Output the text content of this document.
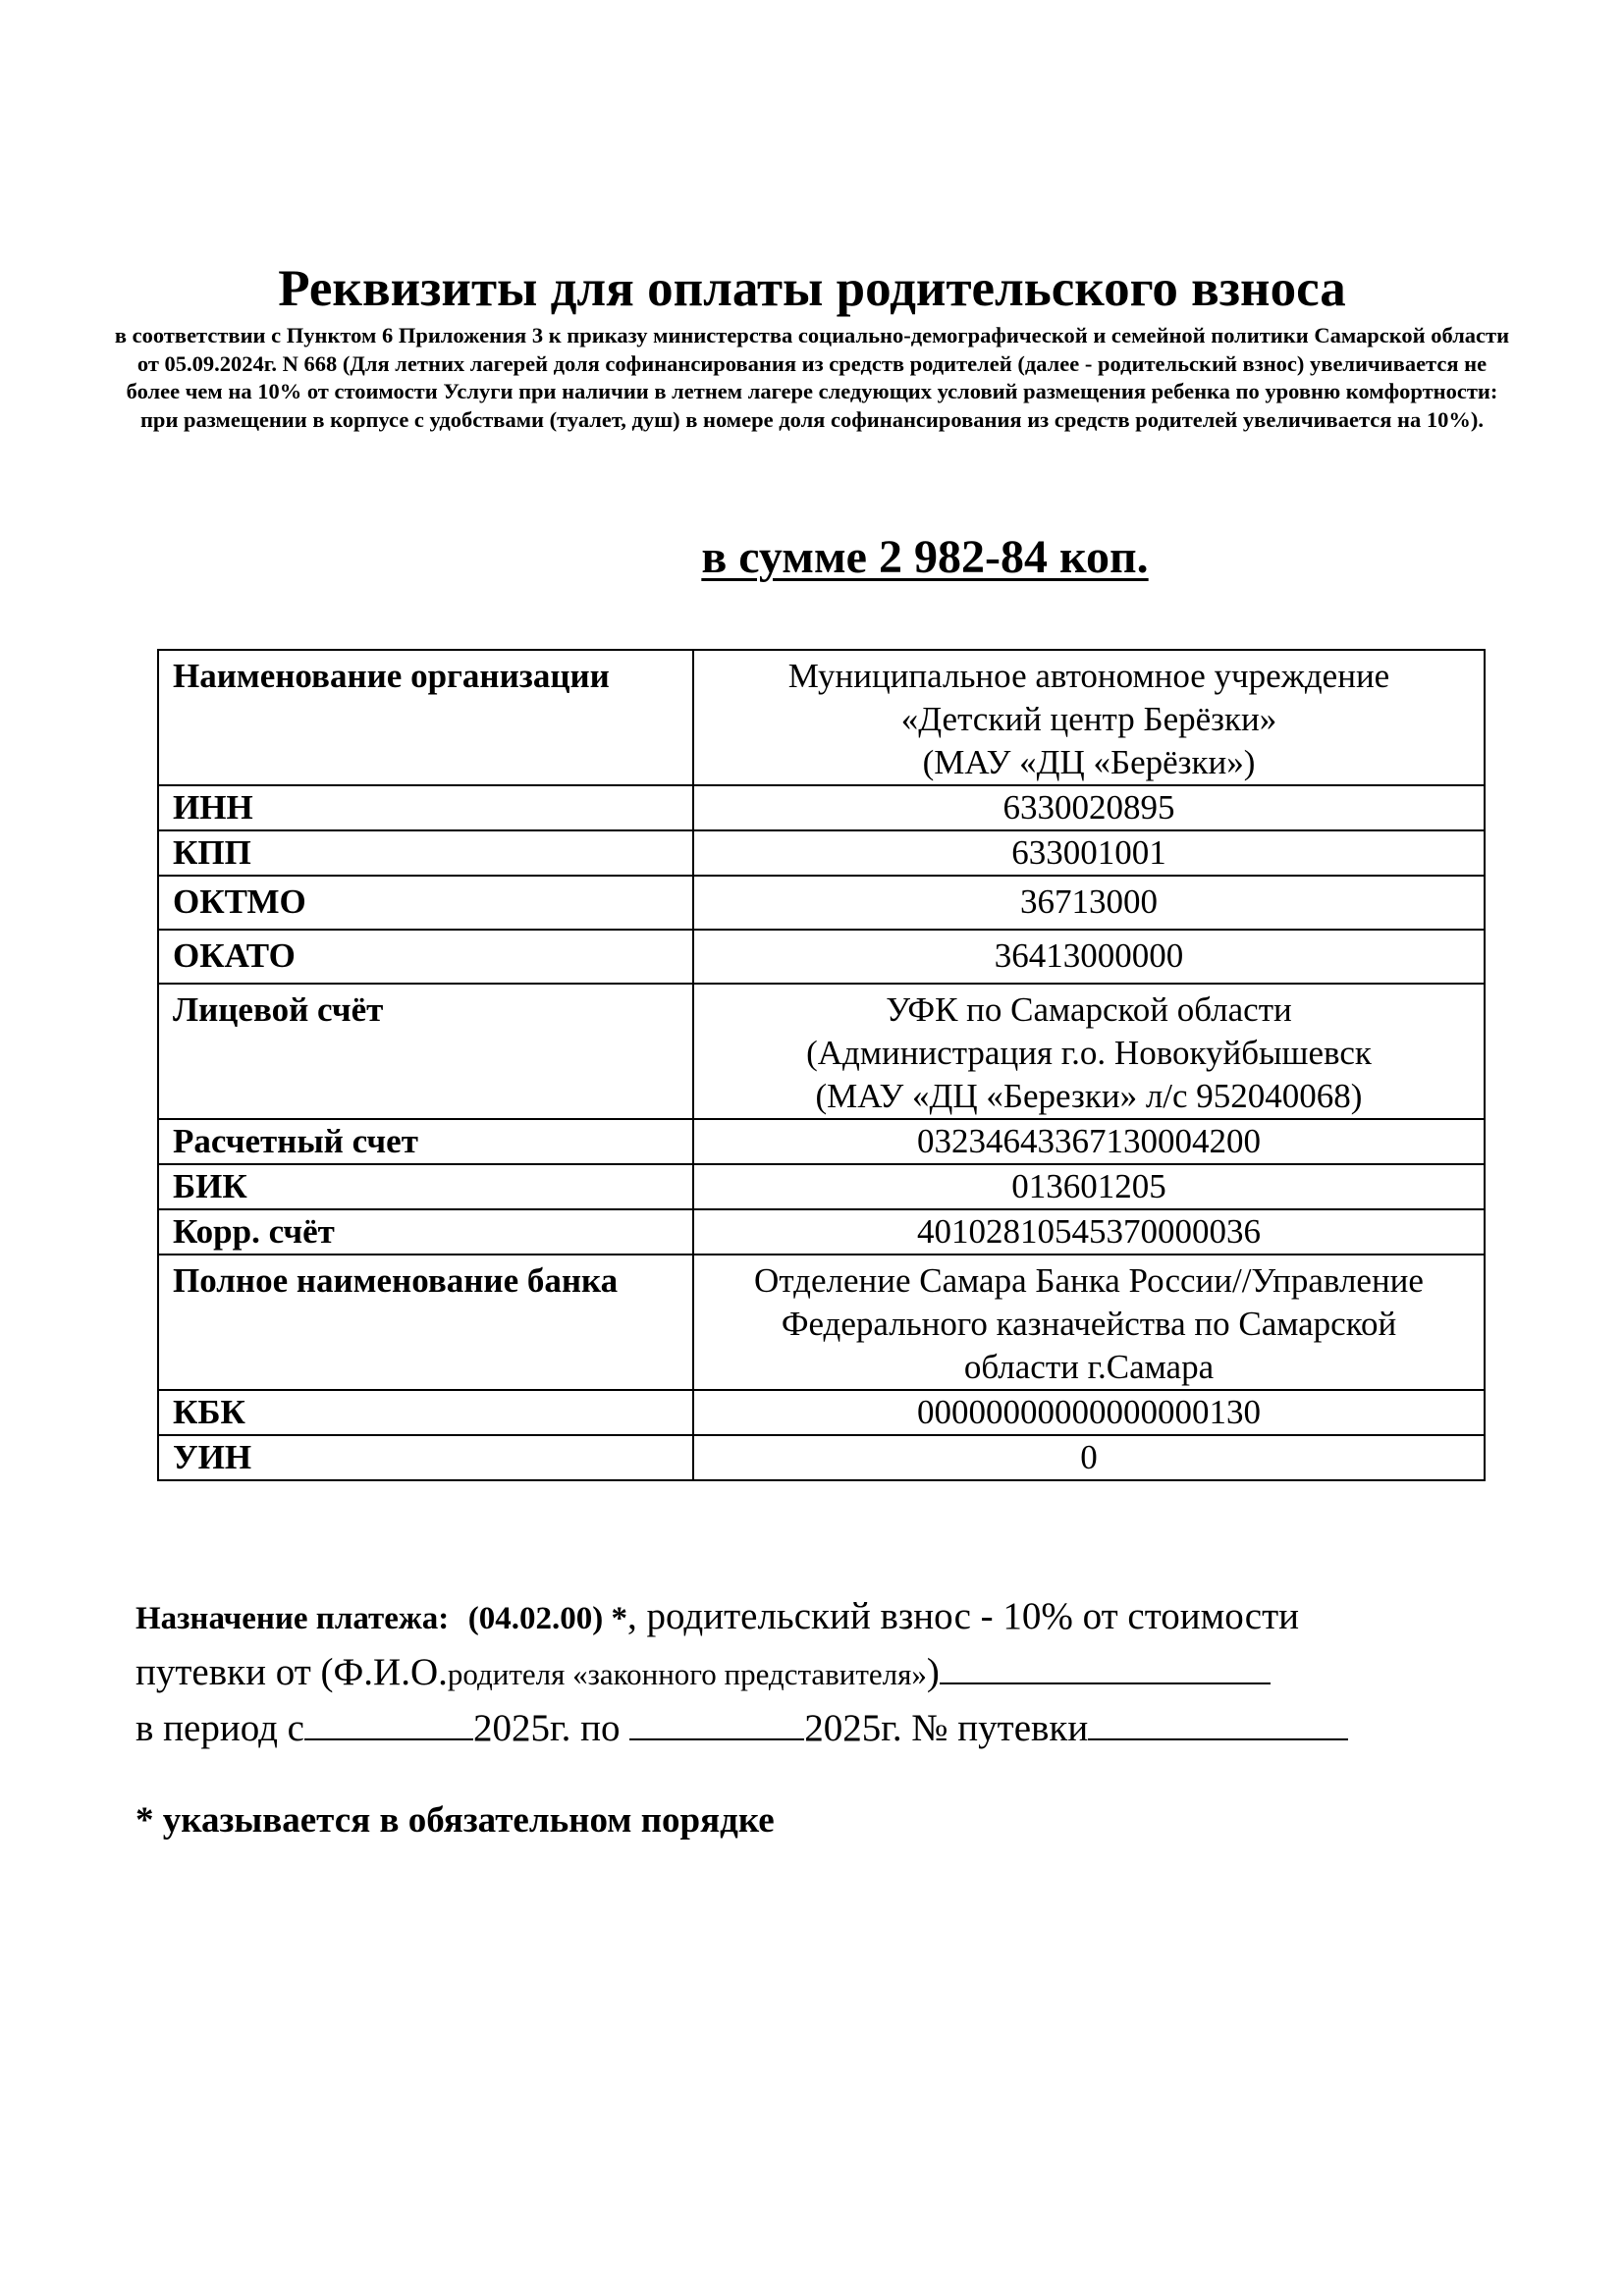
Реквизиты для оплаты родительского взноса

в соответствии с Пунктом 6 Приложения 3 к приказу министерства социально-демографической и семейной политики Самарской области от 05.09.2024г. N 668 (Для летних лагерей доля софинансирования из средств родителей (далее - родительский взнос) увеличивается не более чем на 10% от стоимости Услуги при наличии в летнем лагере следующих условий размещения ребенка по уровню комфортности: при размещении в корпусе с удобствами (туалет, душ) в номере доля софинансирования из средств родителей увеличивается на 10%).

в сумме 2 982-84 коп.

Наименование организации	Муниципальное автономное учреждение
«Детский центр Берёзки»
(МАУ «ДЦ «Берёзки»)

ИНН	6330020895
КПП	633001001
ОКТМО	36713000
ОКАТО	36413000000
Лицевой счёт	УФК по Самарской области
(Администрация г.о. Новокуйбышевск
(МАУ «ДЦ «Березки» л/с 952040068)

Расчетный счет	03234643367130004200
БИК	013601205
Корр. счёт	40102810545370000036
Полное наименование банка	Отделение Самара Банка России//Управление
Федерального казначейства по Самарской
области г.Самара

КБК	00000000000000000130
УИН	0
Назначение платежа: (04.02.00) *, родительский взнос - 10% от стоимости
путевки от (Ф.И.О.родителя «законного представителя»)
в период с	2025г. по	2025г. № путевки

* указывается в обязательном порядке
